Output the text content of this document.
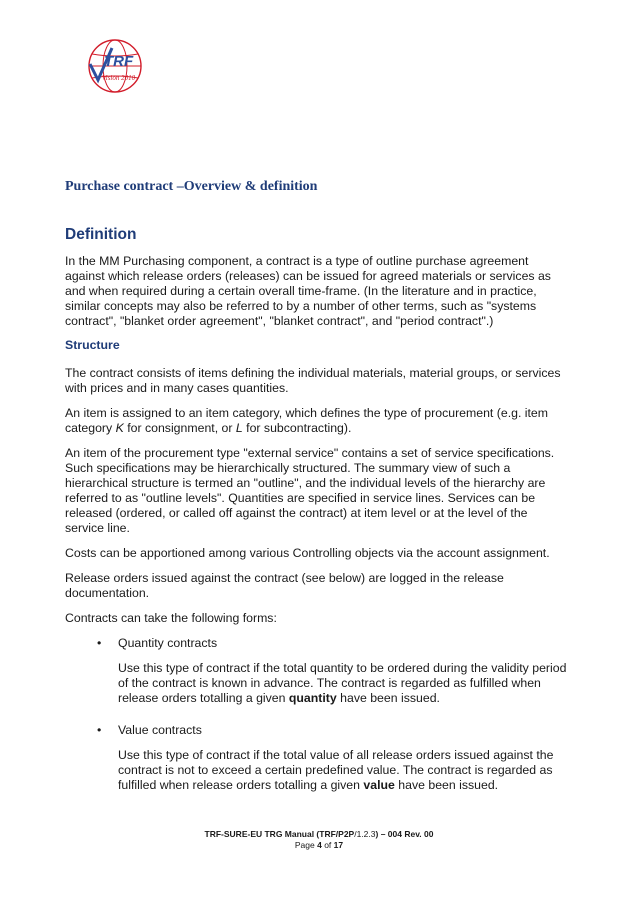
TRF
Vision 2010
Purchase contract –Overview & definition
Definition

In the MM Purchasing component, a contract is a type of outline purchase agreement against which release orders (releases) can be issued for agreed materials or services as and when required during a certain overall time-frame. (In the literature and in practice, similar concepts may also be referred to by a number of other terms, such as "systems contract", "blanket order agreement", "blanket contract", and "period contract".)

Structure

The contract consists of items defining the individual materials, material groups, or services with prices and in many cases quantities.

An item is assigned to an item category, which defines the type of procurement (e.g. item category K for consignment, or L for subcontracting).

An item of the procurement type "external service" contains a set of service specifications. Such specifications may be hierarchically structured. The summary view of such a hierarchical structure is termed an "outline", and the individual levels of the hierarchy are referred to as "outline levels". Quantities are specified in service lines. Services can be released (ordered, or called off against the contract) at item level or at the level of the service line.

Costs can be apportioned among various Controlling objects via the account assignment.

Release orders issued against the contract (see below) are logged in the release documentation.

Contracts can take the following forms:

• Quantity contracts

Use this type of contract if the total quantity to be ordered during the validity period of the contract is known in advance. The contract is regarded as fulfilled when release orders totalling a given quantity have been issued.

• Value contracts

Use this type of contract if the total value of all release orders issued against the contract is not to exceed a certain predefined value. The contract is regarded as fulfilled when release orders totalling a given value have been issued.

TRF-SURE-EU TRG Manual (TRF/P2P/1.2.3) – 004 Rev. 00
Page 4 of 17
